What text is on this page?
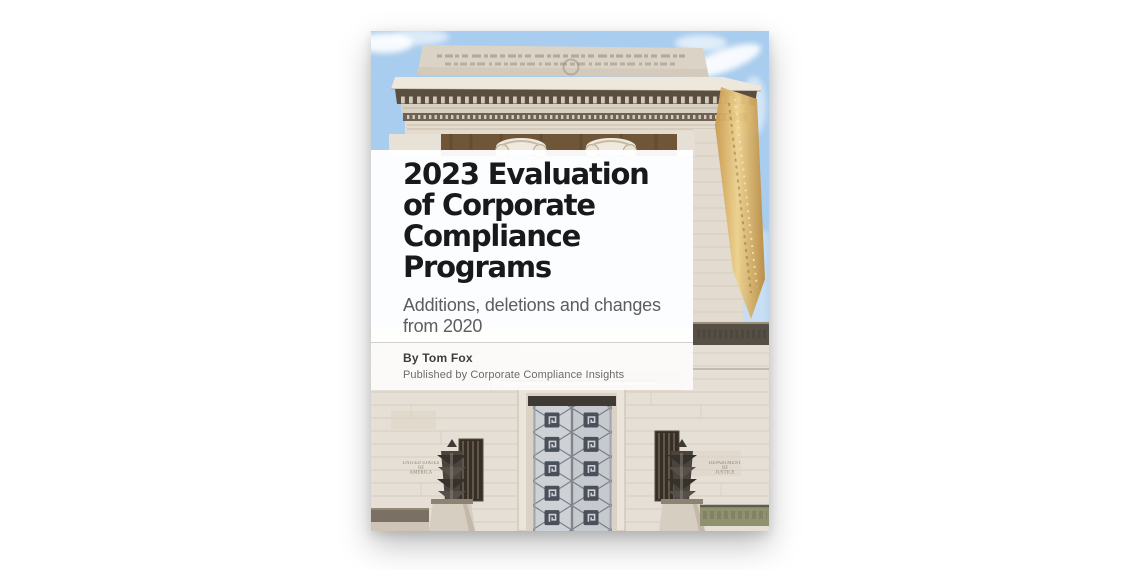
UNITED STATES
OF
AMERICA
DEPARTMENT
OF
JUSTICE
2023 Evaluation
of Corporate
Compliance
Programs

Additions, deletions and changes
from 2020

By Tom Fox

Published by Corporate Compliance Insights
